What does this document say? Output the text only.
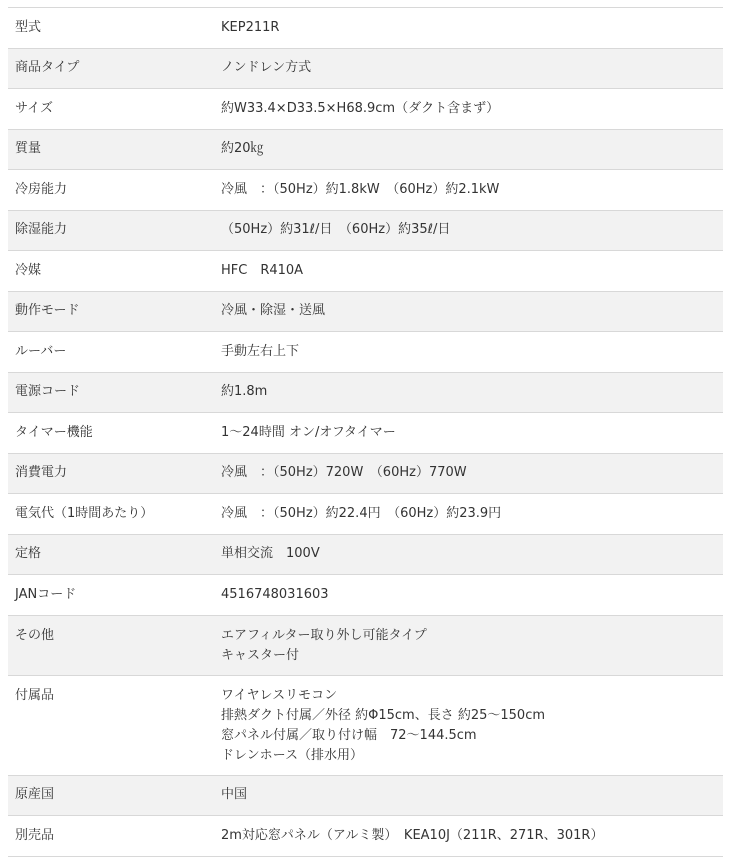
型式	KEP211R
商品タイプ	ノンドレン方式
サイズ	約W33.4×D33.5×H68.9cm（ダクト含まず）
質量	約20㎏
冷房能力	冷風　：（50Hz）約1.8kW　（60Hz）約2.1kW
除湿能力	（50Hz）約31ℓ/日　（60Hz）約35ℓ/日
冷媒	HFC　R410A
動作モード	冷風・除湿・送風
ルーバー	手動左右上下
電源コード	約1.8m
タイマー機能	1～24時間 オン/オフタイマー
消費電力	冷風　：（50Hz）720W　（60Hz）770W
電気代（1時間あたり）	冷風　：（50Hz）約22.4円　（60Hz）約23.9円
定格	単相交流　100V
JANコード	4516748031603
その他	エアフィルター取り外し可能タイプ
キャスター付
付属品	ワイヤレスリモコン
排熱ダクト付属／外径 約Φ15cm、長さ 約25～150cm
窓パネル付属／取り付け幅　72～144.5cm
ドレンホース（排水用）
原産国	中国
別売品	2m対応窓パネル（アルミ製）　KEA10J（211R、271R、301R）
